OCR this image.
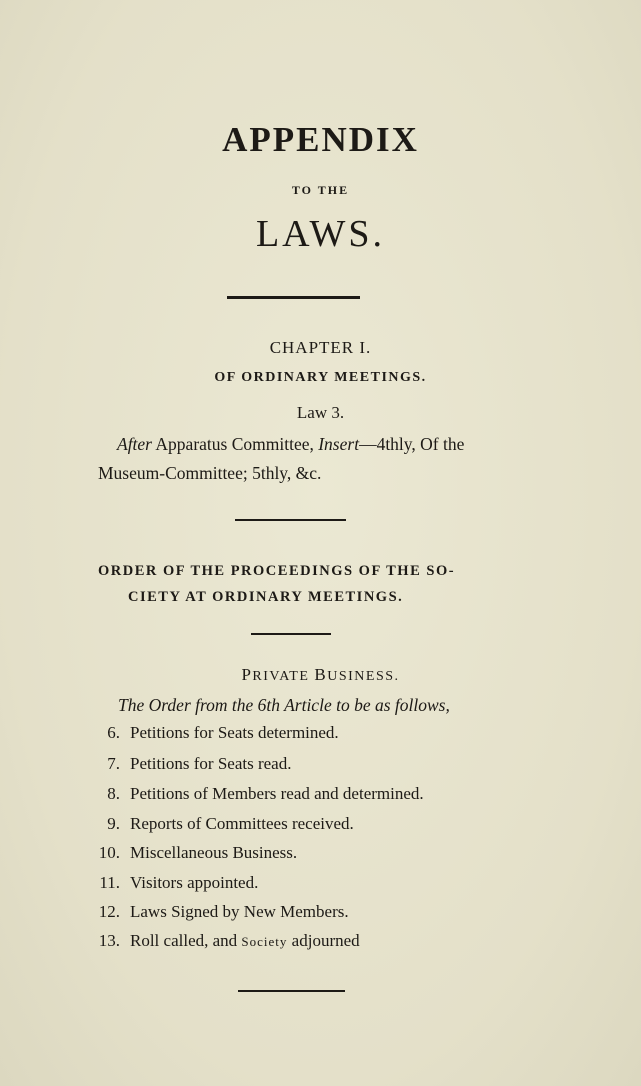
APPENDIX
TO THE
LAWS.
CHAPTER I.
OF ORDINARY MEETINGS.
Law 3.
After Apparatus Committee, Insert—4thly, Of the
Museum-Committee; 5thly, &c.
ORDER OF THE PROCEEDINGS OF THE SO-
CIETY AT ORDINARY MEETINGS.
PRIVATE BUSINESS.
The Order from the 6th Article to be as follows,
6. Petitions for Seats determined.
7. Petitions for Seats read.
8. Petitions of Members read and determined.
9. Reports of Committees received.
10. Miscellaneous Business.
11. Visitors appointed.
12. Laws Signed by New Members.
13. Roll called, and Society adjourned
